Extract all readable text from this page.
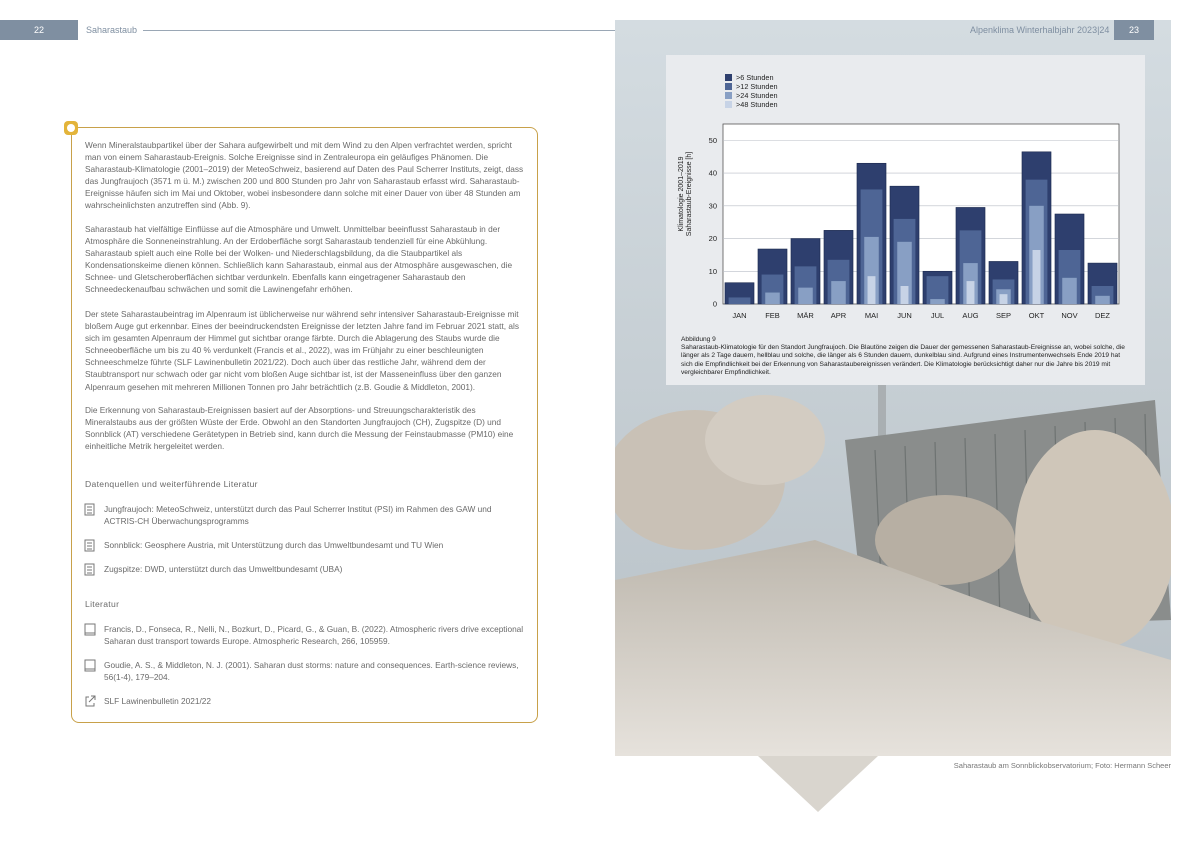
22	Saharastaub	Alpenklima Winterhalbjahr 2023|24	23
>6 Stunden
>12 Stunden
>24 Stunden
>48 Stunden
0
10
20
30
40
50
Klimatologie 2001–2019Saharastaub-Ereignisse [h]
JAN FEB MÄR APR MAI	JUN	JUL AUG SEP OKT NOV DEZ
Abbildung 9
Saharastaub-Klimatologie für den Standort Jungfraujoch. Die Blautöne zeigen die Dauer der gemessenen Saharastaub-Ereignisse an, wobei solche, die länger als 2 Tage dauern, hellblau und solche, die länger als 6 Stunden dauern, dunkelblau sind. Aufgrund eines Instrumentenwechsels Ende 2019 hat sich die Empfindlichkeit bei der Erkennung von Saharastaubereignissen verändert. Die Klimatologie berücksichtigt daher nur die Jahre bis 2019 mit vergleichbarer Empfindlichkeit.
Saharastaub am Sonnblickobservatorium; Foto: Hermann Scheer

Wenn Mineralstaubpartikel über der Sahara aufgewirbelt und mit dem Wind zu den Alpen verfrachtet werden, spricht man von einem Saharastaub-Ereignis. Solche Ereignisse sind in Zentraleuropa ein geläufiges Phänomen. Die Saharastaub-Klimatologie (2001–2019) der MeteoSchweiz, basierend auf Daten des Paul Scherrer Instituts, zeigt, dass das Jungfraujoch (3571 m ü. M.) zwischen 200 und 800 Stunden pro Jahr von Saharastaub erfasst wird. Saharastaub-Ereignisse häufen sich im Mai und Oktober, wobei insbesondere dann solche mit einer Dauer von über 48 Stunden am wahrscheinlichsten anzutreffen sind (Abb. 9).

Saharastaub hat vielfältige Einflüsse auf die Atmosphäre und Umwelt. Unmittelbar beeinflusst Saharastaub in der Atmosphäre die Sonneneinstrahlung. An der Erdoberfläche sorgt Saharastaub tendenziell für eine Abkühlung. Saharastaub spielt auch eine Rolle bei der Wolken- und Niederschlagsbildung, da die Staubpartikel als Kondensationskeime dienen können. Schließlich kann Saharastaub, einmal aus der Atmosphäre ausgewaschen, die Schnee- und Gletscheroberflächen sichtbar verdunkeln. Ebenfalls kann eingetragener Saharastaub den Schneedeckenaufbau schwächen und somit die Lawinengefahr erhöhen.

Der stete Saharastaubeintrag im Alpenraum ist üblicherweise nur während sehr intensiver Saharastaub-Ereignisse mit bloßem Auge gut erkennbar. Eines der beeindruckendsten Ereignisse der letzten Jahre fand im Februar 2021 statt, als sich im gesamten Alpenraum der Himmel gut sichtbar orange färbte. Durch die Ablagerung des Staubs wurde die Schneeoberfläche um bis zu 40 % verdunkelt (Francis et al., 2022), was im Frühjahr zu einer beschleunigten Schneeschmelze führte (SLF Lawinenbulletin 2021/22). Doch auch über das restliche Jahr, während dem der Staubtransport nur schwach oder gar nicht vom bloßen Auge sichtbar ist, ist der Masseneinfluss über den ganzen Alpenraum gesehen mit mehreren Millionen Tonnen pro Jahr beträchtlich (z.B. Goudie & Middleton, 2001).

Die Erkennung von Saharastaub-Ereignissen basiert auf der Absorptions- und Streuungscharakteristik des Mineralstaubs aus der größten Wüste der Erde. Obwohl an den Standorten Jungfraujoch (CH), Zugspitze (D) und Sonnblick (AT) verschiedene Gerätetypen in Betrieb sind, kann durch die Messung der Feinstaubmasse (PM10) eine einheitliche Metrik hergeleitet werden.

Datenquellen und weiterführende Literatur
Jungfraujoch: MeteoSchweiz, unterstützt durch das Paul Scherrer Institut (PSI) im Rahmen des GAW und ACTRIS-CH Überwachungsprogramms
Sonnblick: Geosphere Austria, mit Unterstützung durch das Umweltbundesamt und TU Wien
Zugspitze: DWD, unterstützt durch das Umweltbundesamt (UBA)
Literatur
Francis, D., Fonseca, R., Nelli, N., Bozkurt, D., Picard, G., & Guan, B. (2022). Atmospheric rivers drive exceptional Saharan dust transport towards Europe. Atmospheric Research, 266, 105959.
Goudie, A. S., & Middleton, N. J. (2001). Saharan dust storms: nature and consequences. Earth-science reviews, 56(1-4), 179–204.
SLF Lawinenbulletin 2021/22
